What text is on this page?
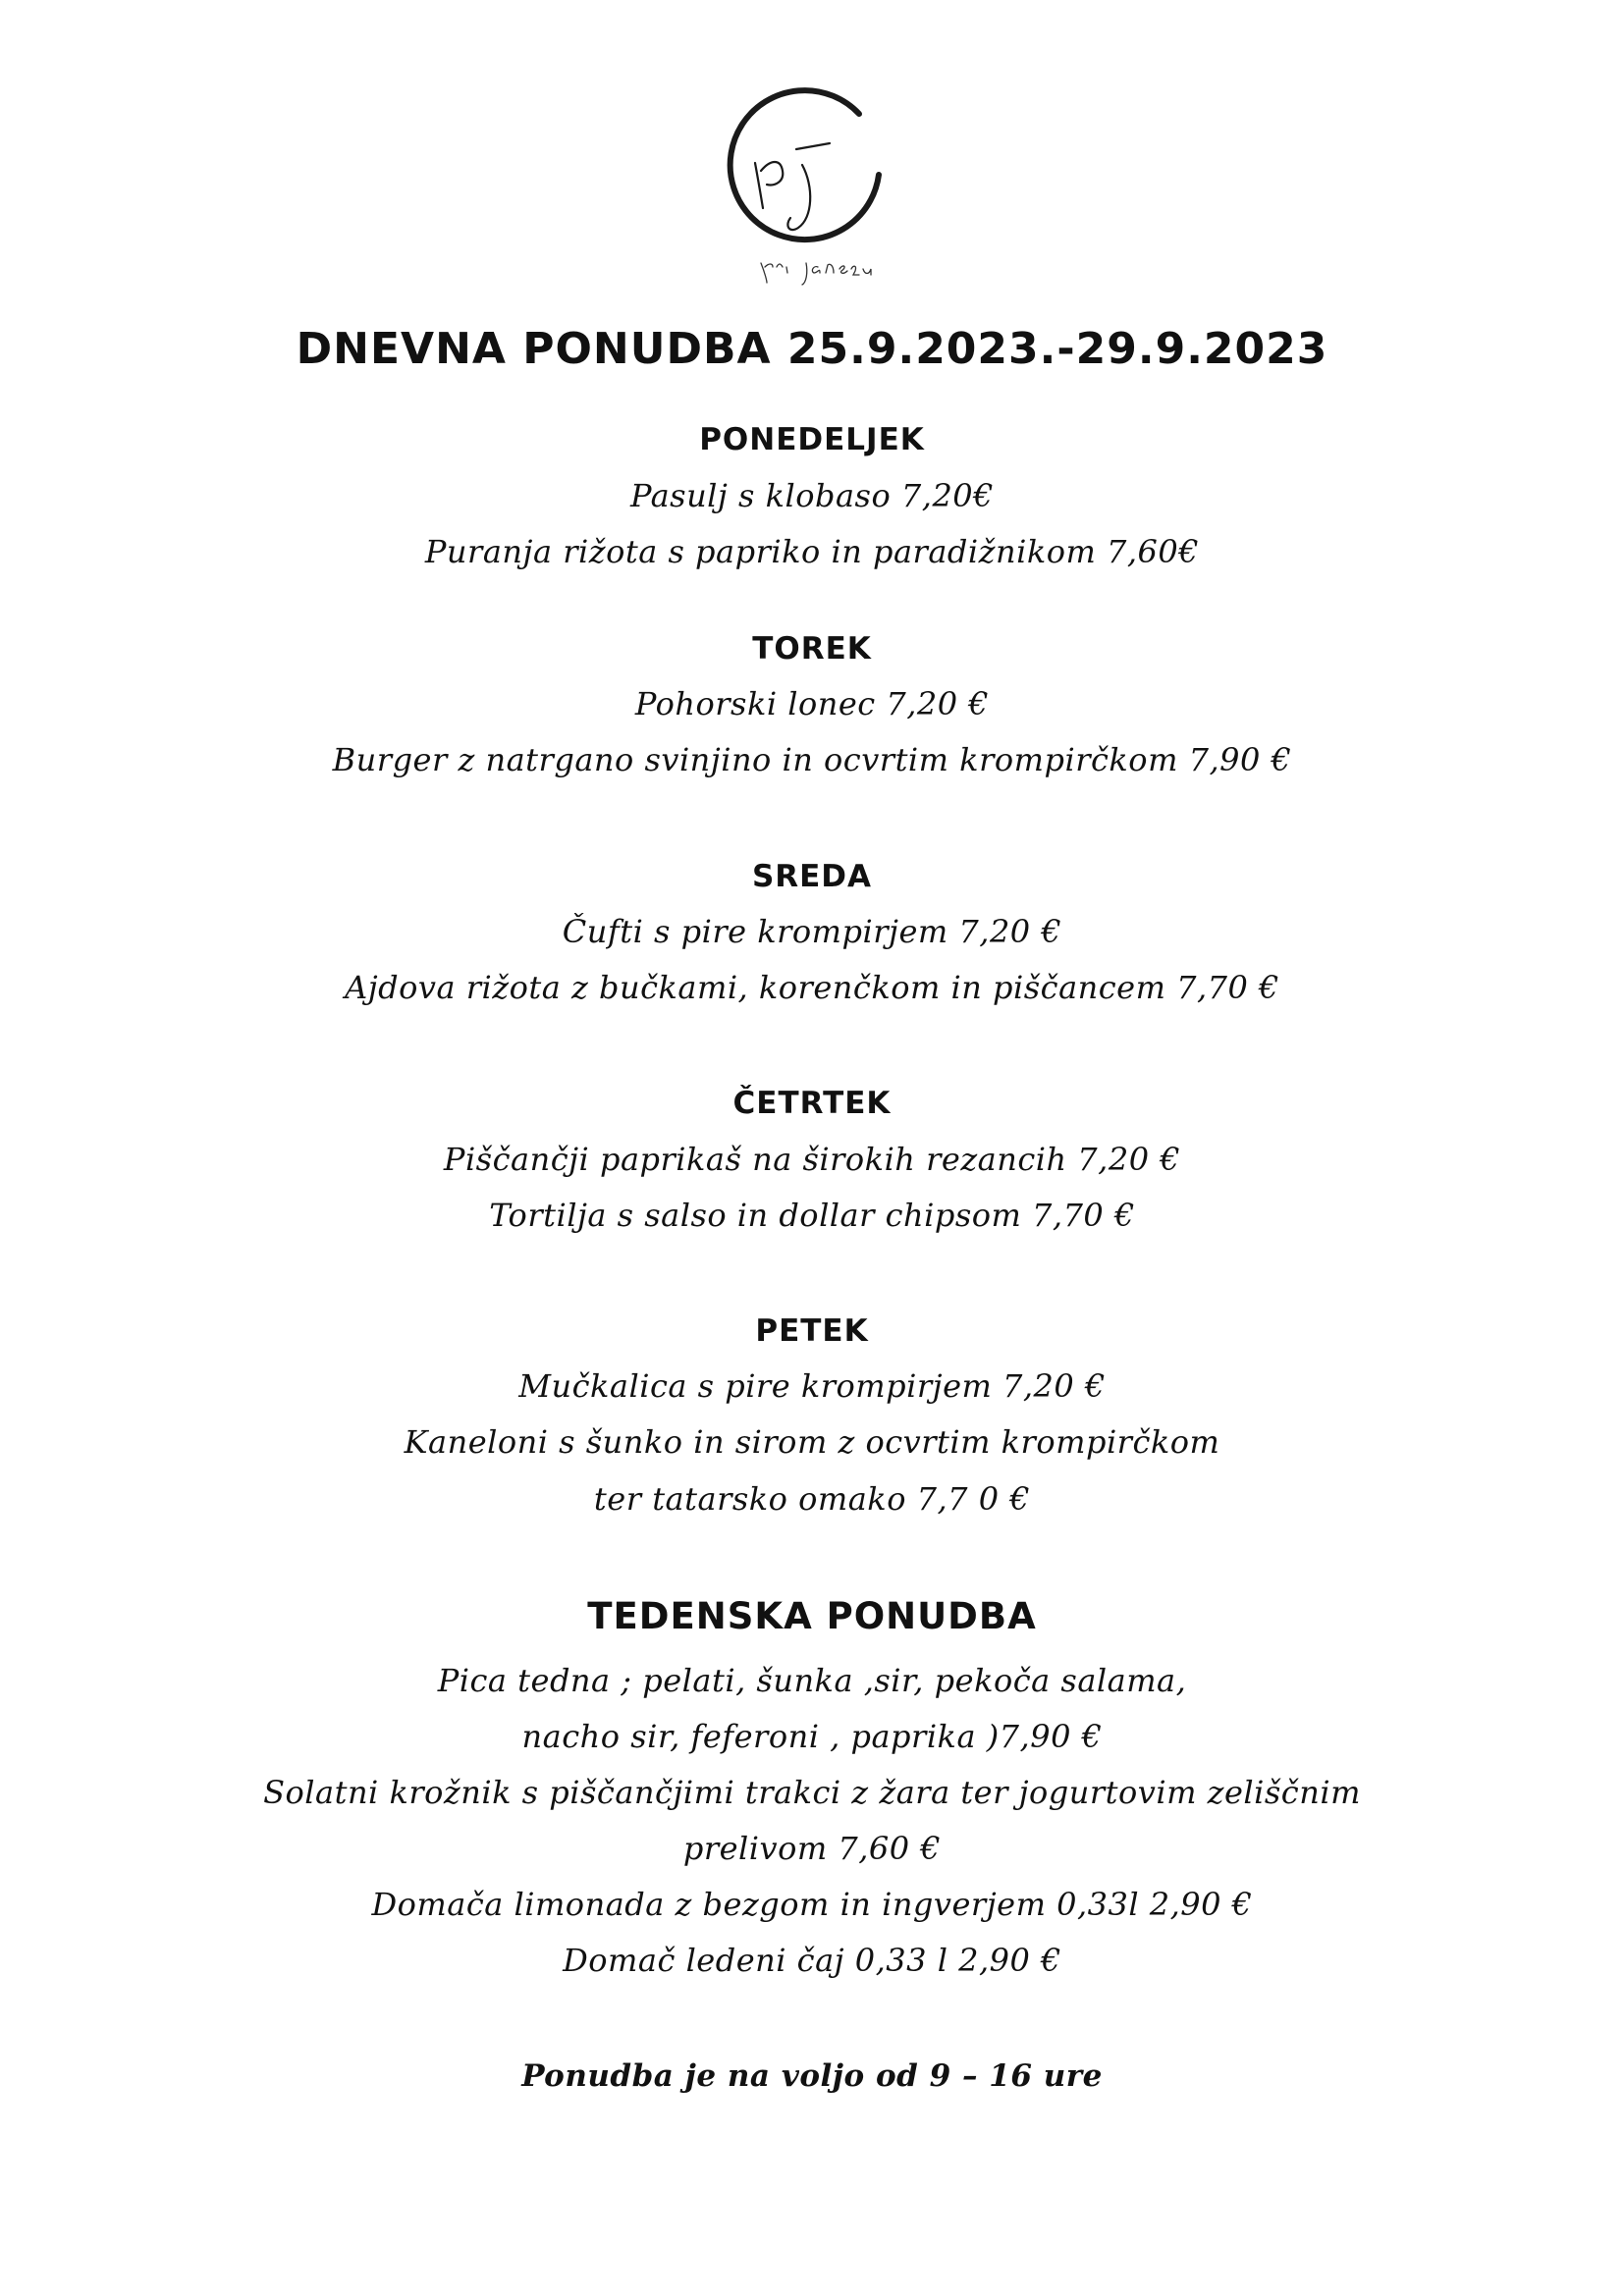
DNEVNA PONUDBA 25.9.2023.-29.9.2023
PONEDELJEK
Pasulj s klobaso 7,20€
Puranja rižota s papriko in paradižnikom 7,60€
TOREK
Pohorski lonec 7,20 €
Burger z natrgano svinjino in ocvrtim krompirčkom 7,90 €
SREDA
Čufti s pire krompirjem 7,20 €
Ajdova rižota z bučkami, korenčkom in piščancem 7,70 €
ČETRTEK
Piščančji paprikaš na širokih rezancih 7,20 €
Tortilja s salso in dollar chipsom 7,70 €
PETEK
Mučkalica s pire krompirjem 7,20 €
Kaneloni s šunko in sirom z ocvrtim krompirčkom
ter tatarsko omako 7,7 0 €
TEDENSKA PONUDBA
Pica tedna ; pelati, šunka ,sir, pekoča salama,
nacho sir, feferoni , paprika )7,90 €
Solatni krožnik s piščančjimi trakci z žara ter jogurtovim zeliščnim
prelivom 7,60 €
Domača limonada z bezgom in ingverjem 0,33l 2,90 €
Domač ledeni čaj 0,33 l 2,90 €
Ponudba je na voljo od 9 – 16 ure
